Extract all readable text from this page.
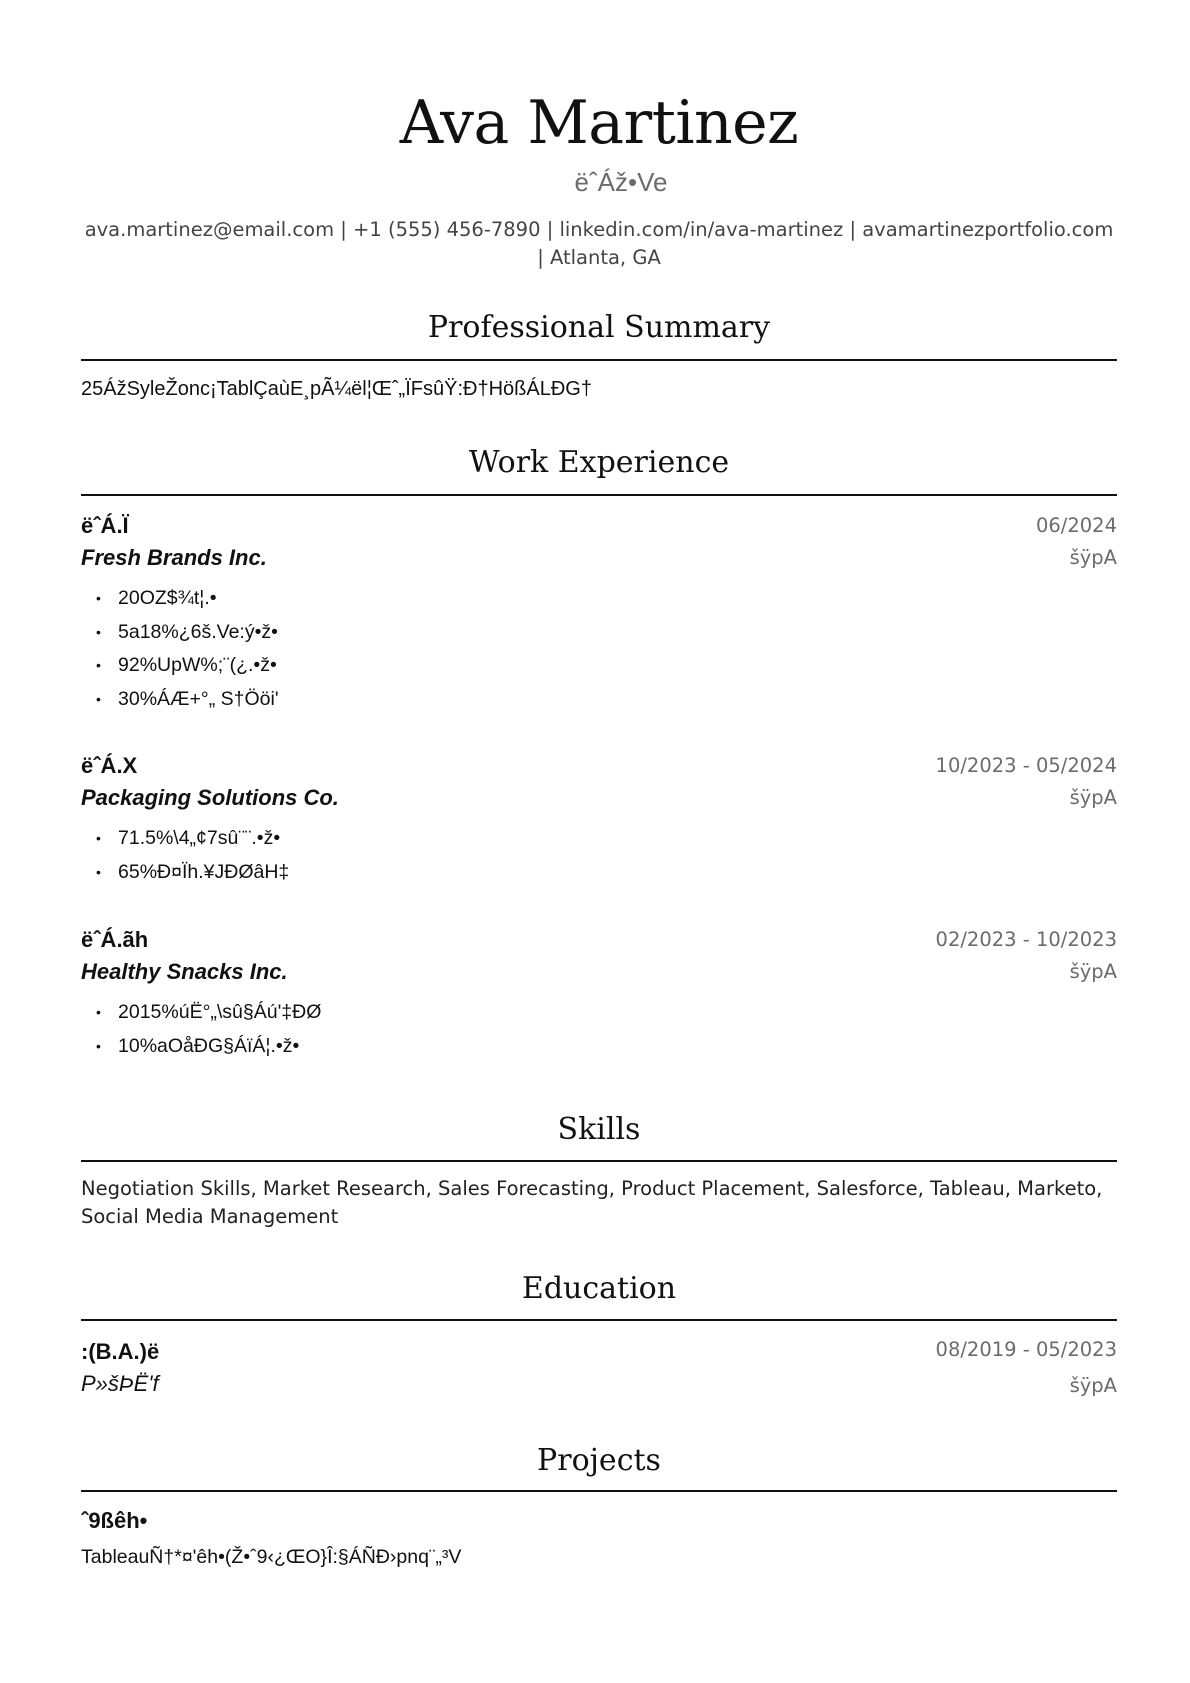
Ava Martinez
ëˆÁž•Ve
ava.martinez@email.com | +1 (555) 456-7890 | linkedin.com/in/ava-martinez | avamartinezportfolio.com | Atlanta, GA
Professional Summary
25ÁžSyleŽonc¡TablÇaùE¸pÃ¼ël¦Œˆ„ÏFsûŸ:Ð†HößÁLÐG†
Work Experience
ëˆÁ.Ï	06/2024
Fresh Brands Inc.	šÿpA
• 20OZ$¾t¦.•
• 5a18%¿6š.Ve:ý•ž•
• 92%UpW%;¨(¿.•ž•
• 30%ÁÆ+°„ S†Ööi'
ëˆÁ.X	10/2023 - 05/2024
Packaging Solutions Co.	šÿpA
• 71.5%\4„¢7sû¨¨.•ž•
• 65%Ð¤Ïh.¥JÐØâH‡
ëˆÁ.ãh	02/2023 - 10/2023
Healthy Snacks Inc.	šÿpA
• 2015%úË°„\sû§Áú'‡ÐØ
• 10%aOåÐG§ÁïÁ¦.•ž•
Skills
Negotiation Skills, Market Research, Sales Forecasting, Product Placement, Salesforce, Tableau, Marketo, Social Media Management
Education
:(B.A.)ë	08/2019 - 05/2023
P»šÞË'f	šÿpA
Projects
ˆ9ßêh•
TableauÑ†*¤'êh•(Ž•ˆ9‹¿ŒO}Î:§ÁÑÐ›pnq¨„³V
